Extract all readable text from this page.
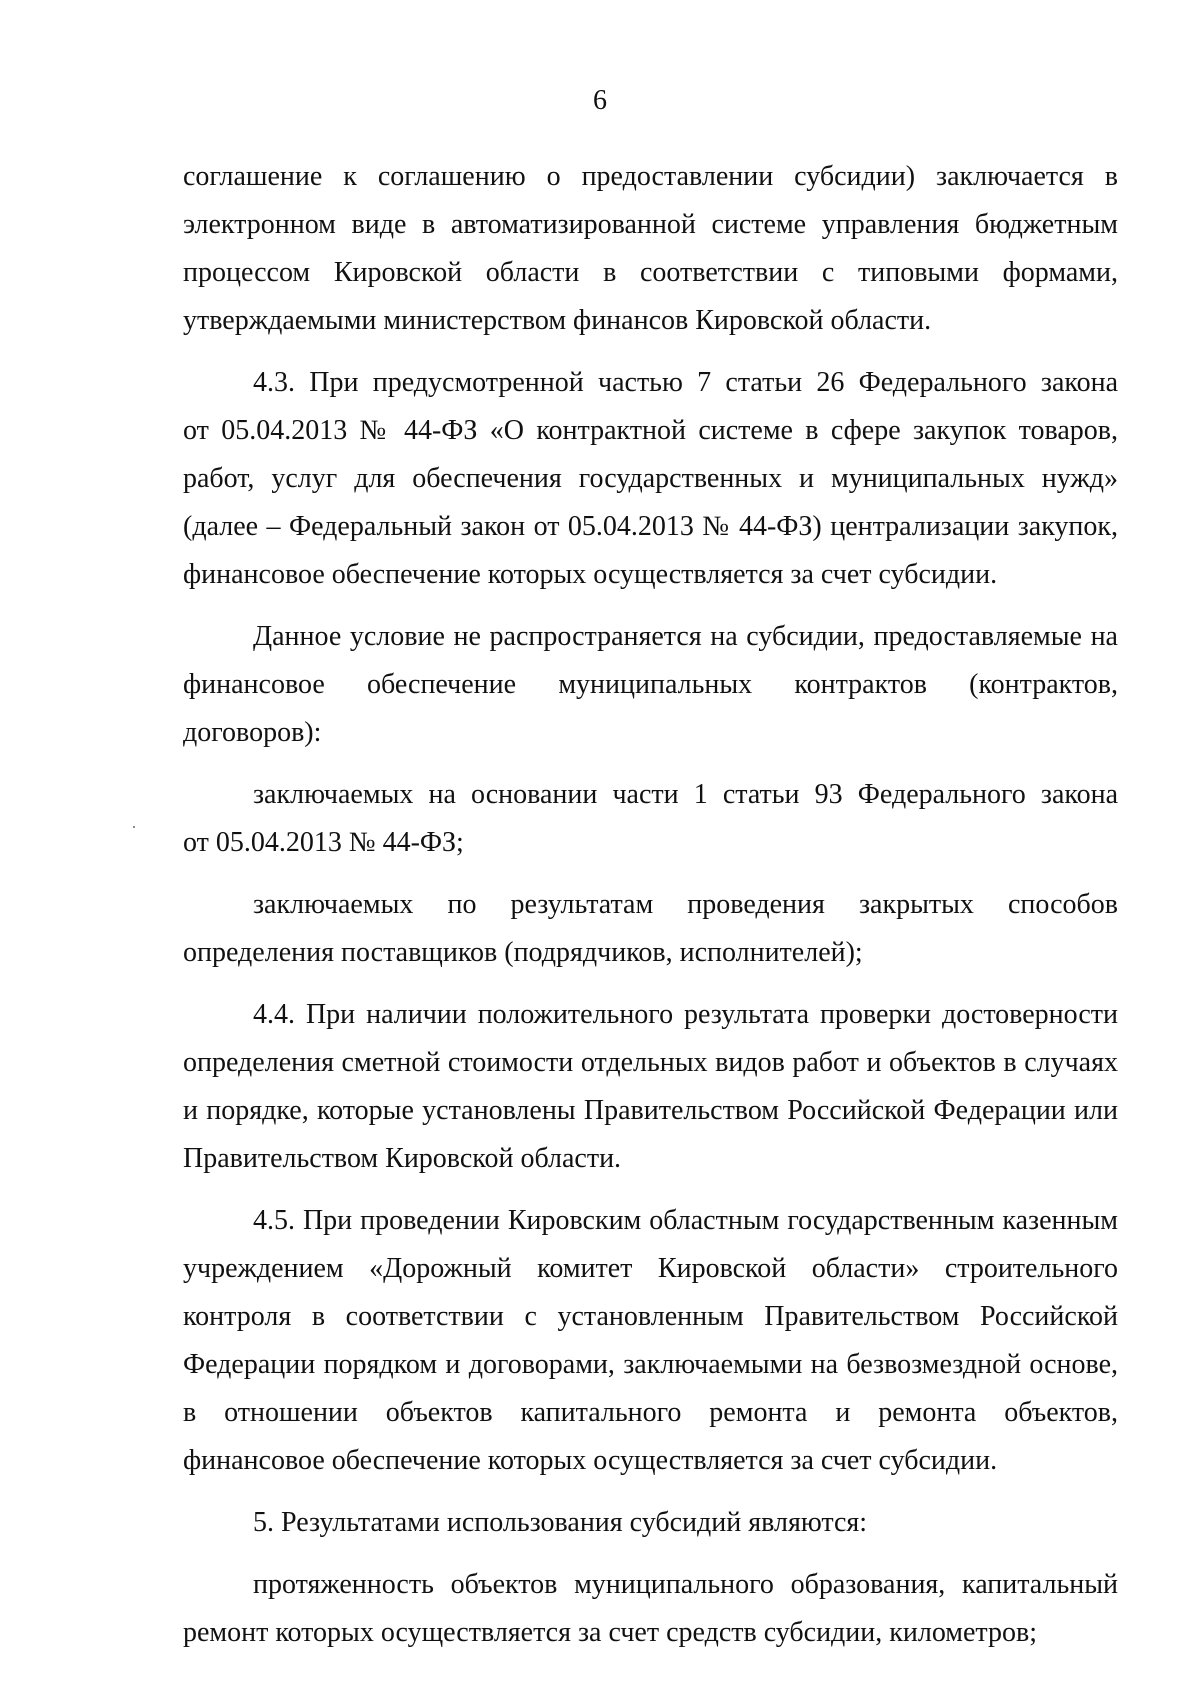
6
соглашение к соглашению о предоставлении субсидии) заключается в
электронном виде в автоматизированной системе управления бюджетным
процессом Кировской области в соответствии с типовыми формами,
утверждаемыми министерством финансов Кировской области.
4.3. При предусмотренной частью 7 статьи 26 Федерального закона
от 05.04.2013 № 44-ФЗ «О контрактной системе в сфере закупок товаров,
работ, услуг для обеспечения государственных и муниципальных нужд»
(далее – Федеральный закон от 05.04.2013 № 44-ФЗ) централизации закупок,
финансовое обеспечение которых осуществляется за счет субсидии.
Данное условие не распространяется на субсидии, предоставляемые на
финансовое обеспечение муниципальных контрактов (контрактов,
договоров):
заключаемых на основании части 1 статьи 93 Федерального закона
от 05.04.2013 № 44-ФЗ;
заключаемых по результатам проведения закрытых способов
определения поставщиков (подрядчиков, исполнителей);
4.4. При наличии положительного результата проверки достоверности
определения сметной стоимости отдельных видов работ и объектов в случаях
и порядке, которые установлены Правительством Российской Федерации или
Правительством Кировской области.
4.5. При проведении Кировским областным государственным казенным
учреждением «Дорожный комитет Кировской области» строительного
контроля в соответствии с установленным Правительством Российской
Федерации порядком и договорами, заключаемыми на безвозмездной основе,
в отношении объектов капитального ремонта и ремонта объектов,
финансовое обеспечение которых осуществляется за счет субсидии.
5. Результатами использования субсидий являются:
протяженность объектов муниципального образования, капитальный
ремонт которых осуществляется за счет средств субсидии, километров;
